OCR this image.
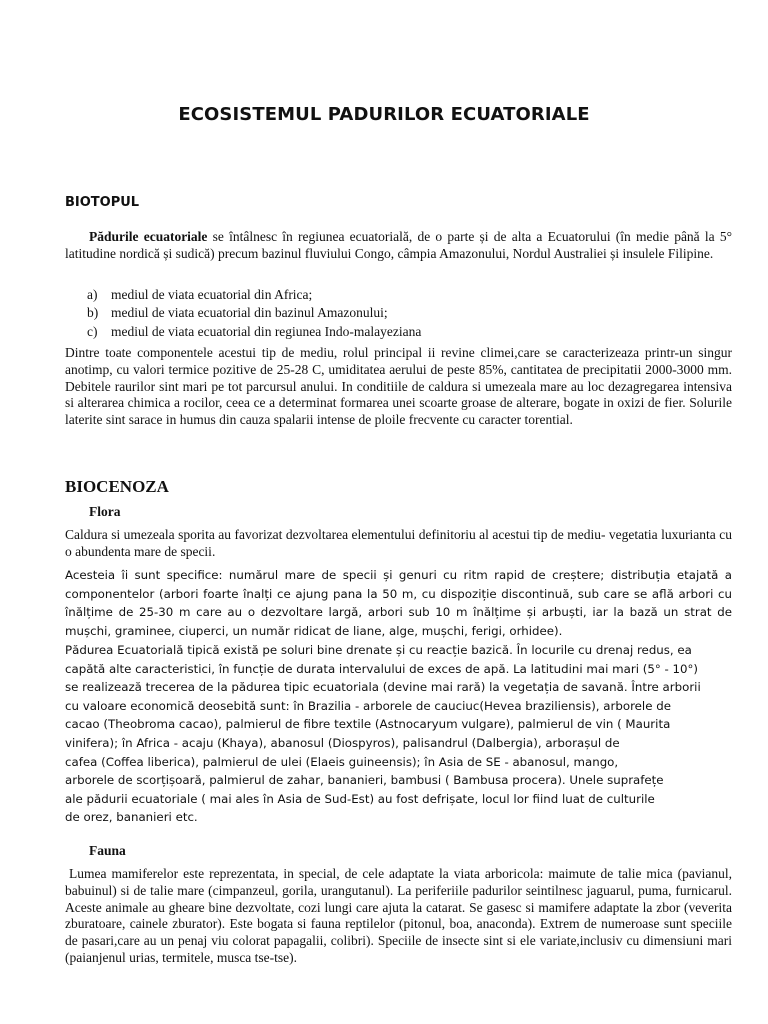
ECOSISTEMUL PADURILOR ECUATORIALE
BIOTOPUL
Pădurile ecuatoriale se întâlnesc în regiunea ecuatorială, de o parte și de alta a Ecuatorului (în medie până la 5° latitudine nordică și sudică) precum bazinul fluviului Congo, câmpia Amazonului, Nordul Australiei și insulele Filipine.
a) mediul de viata ecuatorial din Africa;
b) mediul de viata ecuatorial din bazinul Amazonului;
c) mediul de viata ecuatorial din regiunea Indo-malayeziana
Dintre toate componentele acestui tip de mediu, rolul principal ii revine climei,care se caracterizeaza printr-un singur anotimp, cu valori termice pozitive de 25-28 C, umiditatea aerului de peste 85%, cantitatea de precipitatii 2000-3000 mm. Debitele raurilor sint mari pe tot parcursul anului. In conditiile de caldura si umezeala mare au loc dezagregarea intensiva si alterarea chimica a rocilor, ceea ce a determinat formarea unei scoarte groase de alterare, bogate in oxizi de fier. Solurile laterite sint sarace in humus din cauza spalarii intense de ploile frecvente cu caracter torential.
BIOCENOZA
Flora
Caldura si umezeala sporita au favorizat dezvoltarea elementului definitoriu al acestui tip de mediu- vegetatia luxurianta cu o abundenta mare de specii.
Acesteia îi sunt specifice: numărul mare de specii și genuri cu ritm rapid de creștere; distribuția etajată a componentelor (arbori foarte înalți ce ajung pana la 50 m, cu dispoziție discontinuă, sub care se află arbori cu înălțime de 25-30 m care au o dezvoltare largă, arbori sub 10 m înălțime și arbuști, iar la bază un strat de mușchi, graminee, ciuperci, un număr ridicat de liane, alge, mușchi, ferigi, orhidee).
Pădurea Ecuatorială tipică există pe soluri bine drenate și cu reacție bazică. În locurile cu drenaj redus, ea
capătă alte caracteristici, în funcție de durata intervalului de exces de apă. La latitudini mai mari (5° - 10°)
se realizează trecerea de la pădurea tipic ecuatoriala (devine mai rară) la vegetația de savană. Între arborii
cu valoare economică deosebită sunt: în Brazilia - arborele de cauciuc(Hevea braziliensis), arborele de
cacao (Theobroma cacao), palmierul de fibre textile (Astnocaryum vulgare), palmierul de vin ( Maurita
vinifera); în Africa - acaju (Khaya), abanosul (Diospyros), palisandrul (Dalbergia), arborașul de
cafea (Coffea liberica), palmierul de ulei (Elaeis guineensis); în Asia de SE - abanosul, mango,
arborele de scorțișoară, palmierul de zahar, bananieri, bambusi ( Bambusa procera). Unele suprafețe
ale pădurii ecuatoriale ( mai ales în Asia de Sud-Est) au fost defrișate, locul lor fiind luat de culturile
de orez, bananieri etc.
Fauna
Lumea mamiferelor este reprezentata, in special, de cele adaptate la viata arboricola: maimute de talie mica (pavianul, babuinul) si de talie mare (cimpanzeul, gorila, urangutanul). La periferiile padurilor seintilnesc jaguarul, puma, furnicarul. Aceste animale au gheare bine dezvoltate, cozi lungi care ajuta la catarat. Se gasesc si mamifere adaptate la zbor (veverita zburatoare, cainele zburator). Este bogata si fauna reptilelor (pitonul, boa, anaconda). Extrem de numeroase sunt speciile de pasari,care au un penaj viu colorat papagalii, colibri). Speciile de insecte sint si ele variate,inclusiv cu dimensiuni mari (paianjenul urias, termitele, musca tse-tse).
